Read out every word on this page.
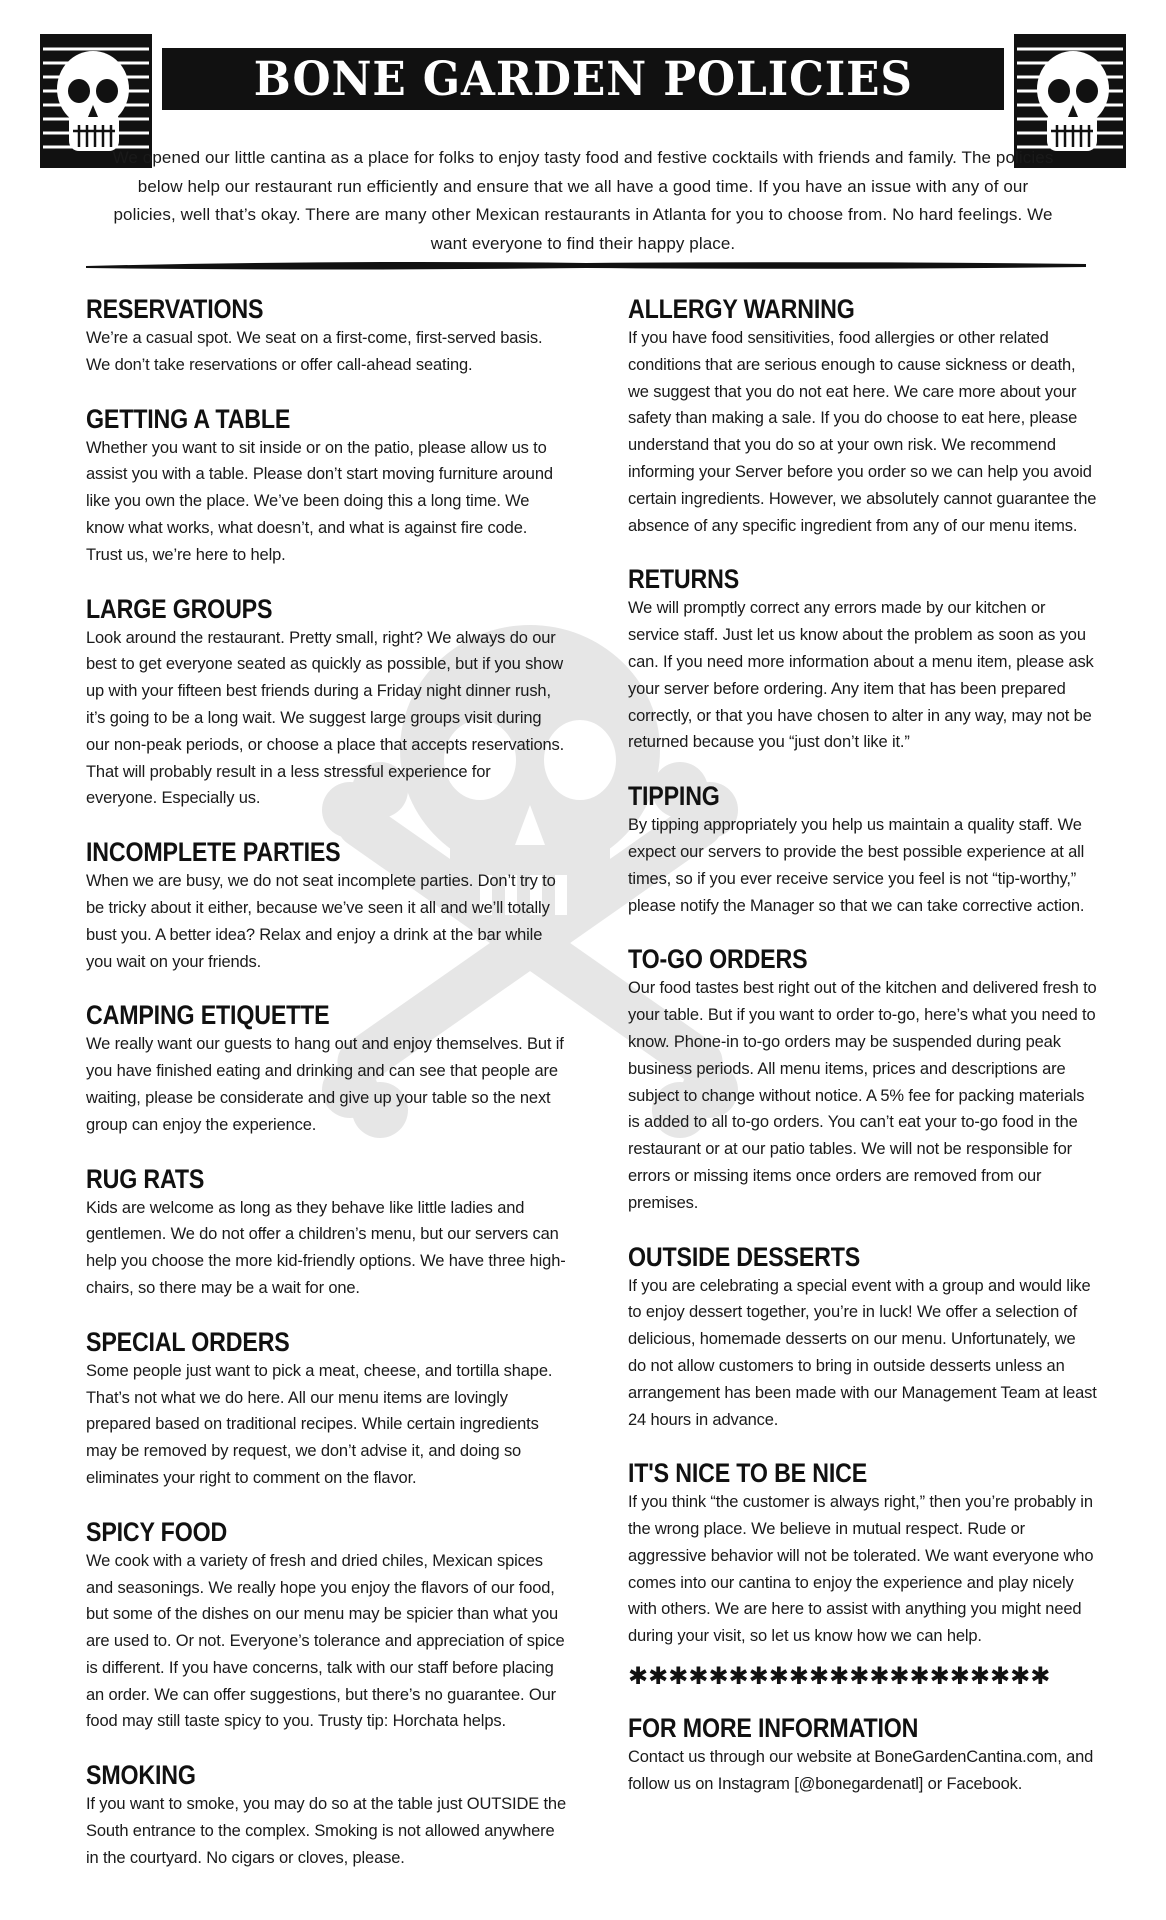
BONE GARDEN POLICIES

We opened our little cantina as a place for folks to enjoy tasty food and festive cocktails with friends and family. The policies below help our restaurant run efficiently and ensure that we all have a good time. If you have an issue with any of our policies, well that’s okay. There are many other Mexican restaurants in Atlanta for you to choose from. No hard feelings. We want everyone to find their happy place.

RESERVATIONS

We’re a casual spot. We seat on a first-come, first-served basis. We don’t take reservations or offer call-ahead seating.

GETTING A TABLE

Whether you want to sit inside or on the patio, please allow us to assist you with a table. Please don’t start moving furniture around like you own the place. We’ve been doing this a long time. We know what works, what doesn’t, and what is against fire code. Trust us, we’re here to help.

LARGE GROUPS

Look around the restaurant. Pretty small, right? We always do our best to get everyone seated as quickly as possible, but if you show up with your fifteen best friends during a Friday night dinner rush, it’s going to be a long wait. We suggest large groups visit during our non-peak periods, or choose a place that accepts reservations. That will probably result in a less stressful experience for everyone. Especially us.

INCOMPLETE PARTIES

When we are busy, we do not seat incomplete parties. Don’t try to be tricky about it either, because we’ve seen it all and we’ll totally bust you. A better idea? Relax and enjoy a drink at the bar while you wait on your friends.

CAMPING ETIQUETTE

We really want our guests to hang out and enjoy themselves. But if you have finished eating and drinking and can see that people are waiting, please be considerate and give up your table so the next group can enjoy the experience.

RUG RATS

Kids are welcome as long as they behave like little ladies and gentlemen. We do not offer a children’s menu, but our servers can help you choose the more kid-friendly options. We have three high-chairs, so there may be a wait for one.

SPECIAL ORDERS

Some people just want to pick a meat, cheese, and tortilla shape. That’s not what we do here. All our menu items are lovingly prepared based on traditional recipes. While certain ingredients may be removed by request, we don’t advise it, and doing so eliminates your right to comment on the flavor.

SPICY FOOD

We cook with a variety of fresh and dried chiles, Mexican spices and seasonings. We really hope you enjoy the flavors of our food, but some of the dishes on our menu may be spicier than what you are used to. Or not. Everyone’s tolerance and appreciation of spice is different. If you have concerns, talk with our staff before placing an order. We can offer suggestions, but there’s no guarantee. Our food may still taste spicy to you. Trusty tip: Horchata helps.

SMOKING

If you want to smoke, you may do so at the table just OUTSIDE the South entrance to the complex. Smoking is not allowed anywhere in the courtyard. No cigars or cloves, please.

ALLERGY WARNING

If you have food sensitivities, food allergies or other related conditions that are serious enough to cause sickness or death, we suggest that you do not eat here. We care more about your safety than making a sale. If you do choose to eat here, please understand that you do so at your own risk. We recommend informing your Server before you order so we can help you avoid certain ingredients. However, we absolutely cannot guarantee the absence of any specific ingredient from any of our menu items.

RETURNS

We will promptly correct any errors made by our kitchen or service staff. Just let us know about the problem as soon as you can. If you need more information about a menu item, please ask your server before ordering. Any item that has been prepared correctly, or that you have chosen to alter in any way, may not be returned because you “just don’t like it.”

TIPPING

By tipping appropriately you help us maintain a quality staff. We expect our servers to provide the best possible experience at all times, so if you ever receive service you feel is not “tip-worthy,” please notify the Manager so that we can take corrective action.

TO-GO ORDERS

Our food tastes best right out of the kitchen and delivered fresh to your table. But if you want to order to-go, here’s what you need to know. Phone-in to-go orders may be suspended during peak business periods. All menu items, prices and descriptions are subject to change without notice. A 5% fee for packing materials is added to all to-go orders. You can’t eat your to-go food in the restaurant or at our patio tables. We will not be responsible for errors or missing items once orders are removed from our premises.

OUTSIDE DESSERTS

If you are celebrating a special event with a group and would like to enjoy dessert together, you’re in luck! We offer a selection of delicious, homemade desserts on our menu. Unfortunately, we do not allow customers to bring in outside desserts unless an arrangement has been made with our Management Team at least 24 hours in advance.

IT'S NICE TO BE NICE

If you think “the customer is always right,” then you’re probably in the wrong place. We believe in mutual respect. Rude or aggressive behavior will not be tolerated. We want everyone who comes into our cantina to enjoy the experience and play nicely with others. We are here to assist with anything you might need during your visit, so let us know how we can help.

✱✱✱✱✱✱✱✱✱✱✱✱✱✱✱✱✱✱✱✱✱
FOR MORE INFORMATION

Contact us through our website at BoneGardenCantina.com, and follow us on Instagram [@bonegardenatl] or Facebook.
